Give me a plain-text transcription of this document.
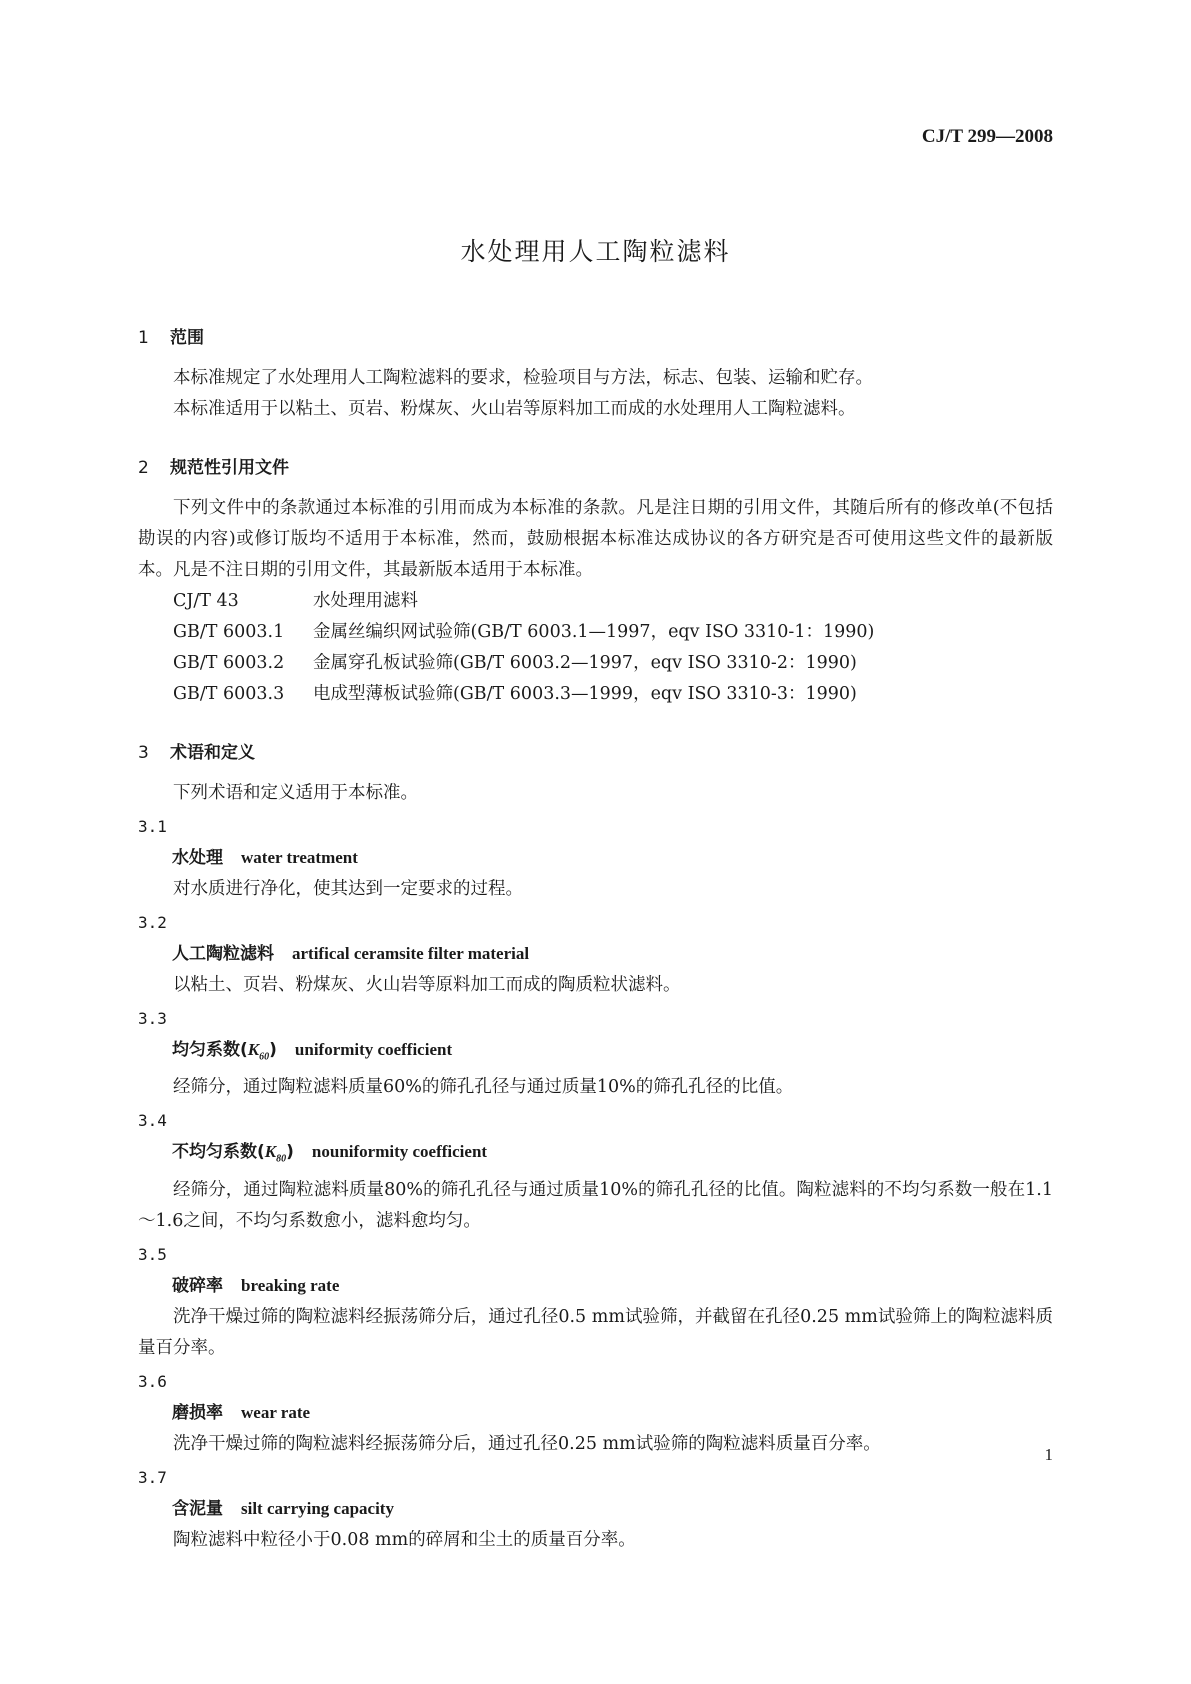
CJ/T 299—2008
水处理用人工陶粒滤料
1 范围
本标准规定了水处理用人工陶粒滤料的要求，检验项目与方法，标志、包装、运输和贮存。
本标准适用于以粘土、页岩、粉煤灰、火山岩等原料加工而成的水处理用人工陶粒滤料。
2 规范性引用文件
下列文件中的条款通过本标准的引用而成为本标准的条款。凡是注日期的引用文件，其随后所有的修改单(不包括勘误的内容)或修订版均不适用于本标准，然而，鼓励根据本标准达成协议的各方研究是否可使用这些文件的最新版本。凡是不注日期的引用文件，其最新版本适用于本标准。
CJ/T 43	水处理用滤料
GB/T 6003.1 金属丝编织网试验筛(GB/T 6003.1—1997，eqv ISO 3310-1：1990)
GB/T 6003.2 金属穿孔板试验筛(GB/T 6003.2—1997，eqv ISO 3310-2：1990)
GB/T 6003.3 电成型薄板试验筛(GB/T 6003.3—1999，eqv ISO 3310-3：1990)
3 术语和定义
下列术语和定义适用于本标准。
3.1
水处理 water treatment
对水质进行净化，使其达到一定要求的过程。
3.2
人工陶粒滤料 artifical ceramsite filter material
以粘土、页岩、粉煤灰、火山岩等原料加工而成的陶质粒状滤料。
3.3
均匀系数$(K_{60})$ uniformity coefficient
经筛分，通过陶粒滤料质量60%的筛孔孔径与通过质量10%的筛孔孔径的比值。
3.4
不均匀系数$(K_{80})$ nouniformity coefficient
经筛分，通过陶粒滤料质量80%的筛孔孔径与通过质量10%的筛孔孔径的比值。陶粒滤料的不均匀系数一般在1.1～1.6之间，不均匀系数愈小，滤料愈均匀。
3.5
破碎率 breaking rate
洗净干燥过筛的陶粒滤料经振荡筛分后，通过孔径0.5 mm试验筛，并截留在孔径0.25 mm试验筛上的陶粒滤料质量百分率。
3.6
磨损率 wear rate
洗净干燥过筛的陶粒滤料经振荡筛分后，通过孔径0.25 mm试验筛的陶粒滤料质量百分率。
3.7
含泥量 silt carrying capacity
陶粒滤料中粒径小于0.08 mm的碎屑和尘土的质量百分率。
1
